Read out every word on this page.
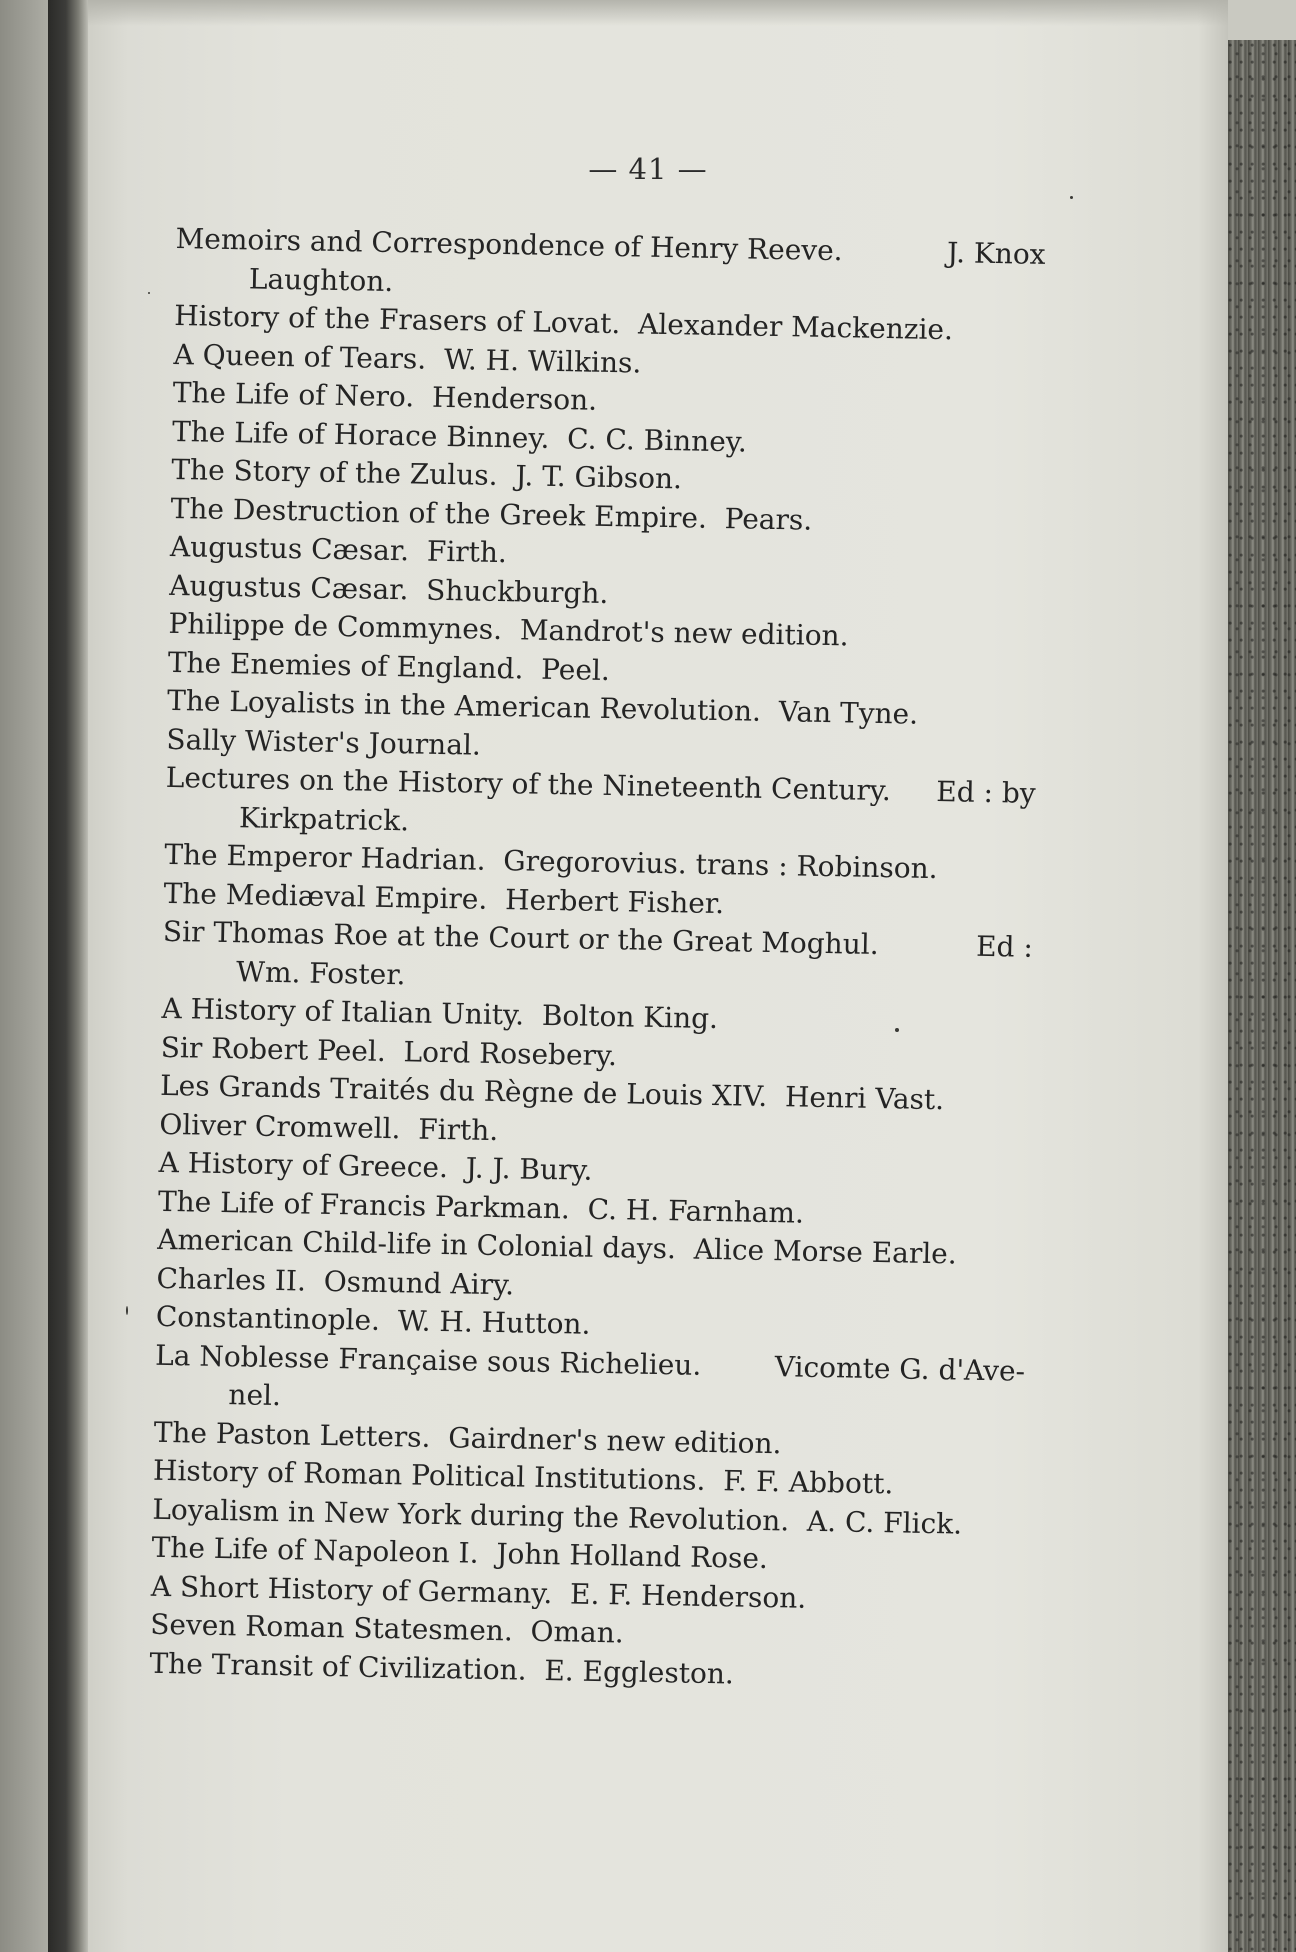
— 41 —

Memoirs and Correspondence of Henry Reeve.	J. Knox
Laughton.

History of the Frasers of Lovat. Alexander Mackenzie.

A Queen of Tears. W. H. Wilkins.

The Life of Nero. Henderson.

The Life of Horace Binney. C. C. Binney.

The Story of the Zulus. J. T. Gibson.

The Destruction of the Greek Empire. Pears.

Augustus Cæsar. Firth.

Augustus Cæsar. Shuckburgh.

Philippe de Commynes. Mandrot's new edition.

The Enemies of England. Peel.

The Loyalists in the American Revolution. Van Tyne.

Sally Wister's Journal.

Lectures on the History of the Nineteenth Century. Ed : by
Kirkpatrick.

The Emperor Hadrian. Gregorovius. trans : Robinson.

The Mediæval Empire. Herbert Fisher.

Sir Thomas Roe at the Court or the Great Moghul.	Ed :
Wm. Foster.

A History of Italian Unity. Bolton King.

Sir Robert Peel. Lord Rosebery.

Les Grands Traités du Règne de Louis XIV. Henri Vast.

Oliver Cromwell. Firth.

A History of Greece. J. J. Bury.

The Life of Francis Parkman. C. H. Farnham.

American Child-life in Colonial days. Alice Morse Earle.

Charles II. Osmund Airy.

Constantinople. W. H. Hutton.

La Noblesse Française sous Richelieu.	Vicomte G. d'Ave-
nel.

The Paston Letters. Gairdner's new edition.

History of Roman Political Institutions. F. F. Abbott.

Loyalism in New York during the Revolution. A. C. Flick.

The Life of Napoleon I. John Holland Rose.

A Short History of Germany. E. F. Henderson.

Seven Roman Statesmen. Oman.

The Transit of Civilization. E. Eggleston.
